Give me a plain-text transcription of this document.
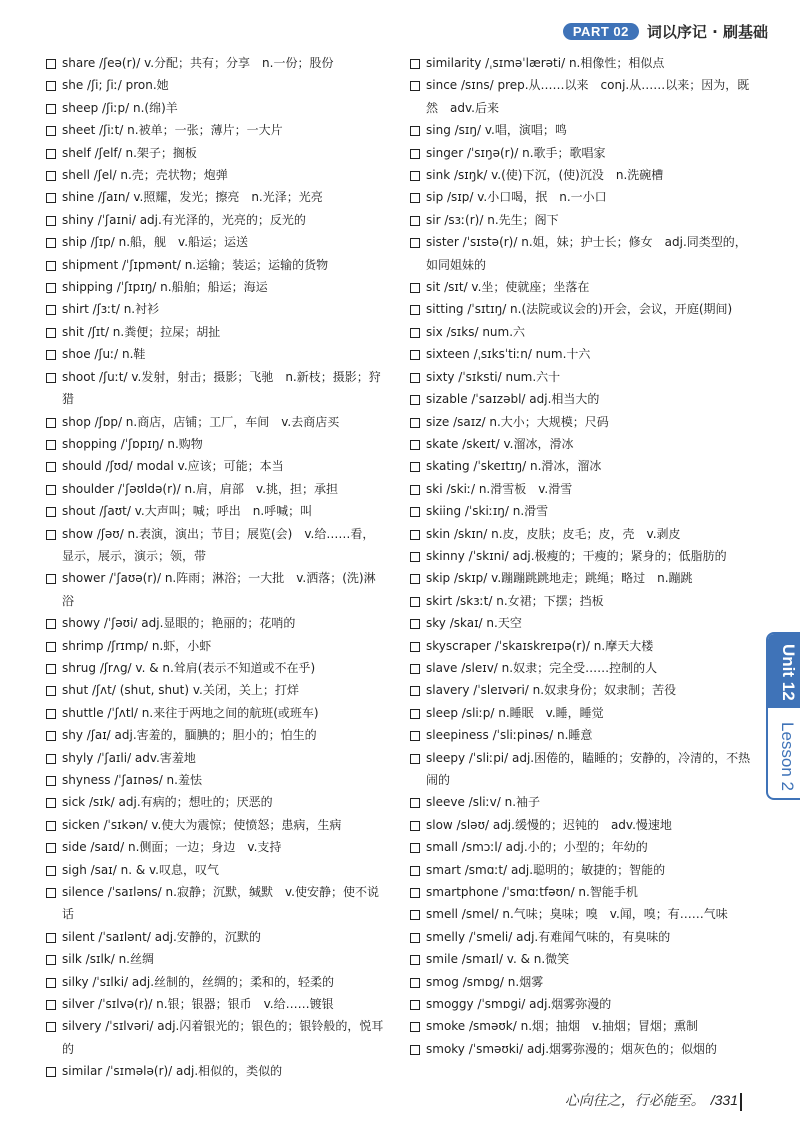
PART 02	词以序记 · 刷基础
share /ʃeə(r)/ v.分配；共有；分享　n.一份；股份
she /ʃi; ʃiː/ pron.她
sheep /ʃiːp/ n.(绵)羊
sheet /ʃiːt/ n.被单；一张；薄片；一大片
shelf /ʃelf/ n.架子；搁板
shell /ʃel/ n.壳；壳状物；炮弹
shine /ʃaɪn/ v.照耀，发光；擦亮　n.光泽；光亮
shiny /ˈʃaɪni/ adj.有光泽的，光亮的；反光的
ship /ʃɪp/ n.船，舰　v.船运；运送
shipment /ˈʃɪpmənt/ n.运输；装运；运输的货物
shipping /ˈʃɪpɪŋ/ n.船舶；船运；海运
shirt /ʃɜːt/ n.衬衫
shit /ʃɪt/ n.粪便；拉屎；胡扯
shoe /ʃuː/ n.鞋
shoot /ʃuːt/ v.发射，射击；摄影；飞驰　n.新枝；摄影；狩猎
shop /ʃɒp/ n.商店，店铺；工厂，车间　v.去商店买
shopping /ˈʃɒpɪŋ/ n.购物
should /ʃʊd/ modal v.应该；可能；本当
shoulder /ˈʃəʊldə(r)/ n.肩，肩部　v.挑，担；承担
shout /ʃaʊt/ v.大声叫；喊；呼出　n.呼喊；叫
show /ʃəʊ/ n.表演，演出；节目；展览(会)　v.给……看，显示，展示，演示；领，带
shower /ˈʃaʊə(r)/ n.阵雨；淋浴；一大批　v.洒落；(洗)淋浴
showy /ˈʃəʊi/ adj.显眼的；艳丽的；花哨的
shrimp /ʃrɪmp/ n.虾，小虾
shrug /ʃrʌg/ v. & n.耸肩(表示不知道或不在乎)
shut /ʃʌt/ (shut, shut) v.关闭，关上；打烊
shuttle /ˈʃʌtl/ n.来往于两地之间的航班(或班车)
shy /ʃaɪ/ adj.害羞的，腼腆的；胆小的；怕生的
shyly /ˈʃaɪli/ adv.害羞地
shyness /ˈʃaɪnəs/ n.羞怯
sick /sɪk/ adj.有病的；想吐的；厌恶的
sicken /ˈsɪkən/ v.使大为震惊；使愤怒；患病，生病
side /saɪd/ n.侧面；一边；身边　v.支持
sigh /saɪ/ n. & v.叹息，叹气
silence /ˈsaɪləns/ n.寂静；沉默，缄默　v.使安静；使不说话
silent /ˈsaɪlənt/ adj.安静的，沉默的
silk /sɪlk/ n.丝绸
silky /ˈsɪlki/ adj.丝制的，丝绸的；柔和的，轻柔的
silver /ˈsɪlvə(r)/ n.银；银器；银币　v.给……镀银
silvery /ˈsɪlvəri/ adj.闪着银光的；银色的；银铃般的，悦耳的
similar /ˈsɪmələ(r)/ adj.相似的，类似的
similarity /ˌsɪməˈlærəti/ n.相像性；相似点
since /sɪns/ prep.从……以来　conj.从……以来；因为，既然　adv.后来
sing /sɪŋ/ v.唱，演唱；鸣
singer /ˈsɪŋə(r)/ n.歌手；歌唱家
sink /sɪŋk/ v.(使)下沉，(使)沉没　n.洗碗槽
sip /sɪp/ v.小口喝，抿　n.一小口
sir /sɜː(r)/ n.先生；阁下
sister /ˈsɪstə(r)/ n.姐，妹；护士长；修女　adj.同类型的，如同姐妹的
sit /sɪt/ v.坐；使就座；坐落在
sitting /ˈsɪtɪŋ/ n.(法院或议会的)开会，会议，开庭(期间)
six /sɪks/ num.六
sixteen /ˌsɪksˈtiːn/ num.十六
sixty /ˈsɪksti/ num.六十
sizable /ˈsaɪzəbl/ adj.相当大的
size /saɪz/ n.大小；大规模；尺码
skate /skeɪt/ v.溜冰，滑冰
skating /ˈskeɪtɪŋ/ n.滑冰，溜冰
ski /skiː/ n.滑雪板　v.滑雪
skiing /ˈskiːɪŋ/ n.滑雪
skin /skɪn/ n.皮，皮肤；皮毛；皮，壳　v.剥皮
skinny /ˈskɪni/ adj.极瘦的；干瘦的；紧身的；低脂肪的
skip /skɪp/ v.蹦蹦跳跳地走；跳绳；略过　n.蹦跳
skirt /skɜːt/ n.女裙；下摆；挡板
sky /skaɪ/ n.天空
skyscraper /ˈskaɪskreɪpə(r)/ n.摩天大楼
slave /sleɪv/ n.奴隶；完全受……控制的人
slavery /ˈsleɪvəri/ n.奴隶身份；奴隶制；苦役
sleep /sliːp/ n.睡眠　v.睡，睡觉
sleepiness /ˈsliːpinəs/ n.睡意
sleepy /ˈsliːpi/ adj.困倦的，瞌睡的；安静的，冷清的，不热闹的
sleeve /sliːv/ n.袖子
slow /sləʊ/ adj.缓慢的；迟钝的　adv.慢速地
small /smɔːl/ adj.小的；小型的；年幼的
smart /smɑːt/ adj.聪明的；敏捷的；智能的
smartphone /ˈsmɑːtfəʊn/ n.智能手机
smell /smel/ n.气味；臭味；嗅　v.闻，嗅；有……气味
smelly /ˈsmeli/ adj.有难闻气味的，有臭味的
smile /smaɪl/ v. & n.微笑
smog /smɒg/ n.烟雾
smoggy /ˈsmɒgi/ adj.烟雾弥漫的
smoke /sməʊk/ n.烟；抽烟　v.抽烟；冒烟；熏制
smoky /ˈsməʊki/ adj.烟雾弥漫的；烟灰色的；似烟的
Unit 12
Lesson 2
心向往之，行必能至。 /331
